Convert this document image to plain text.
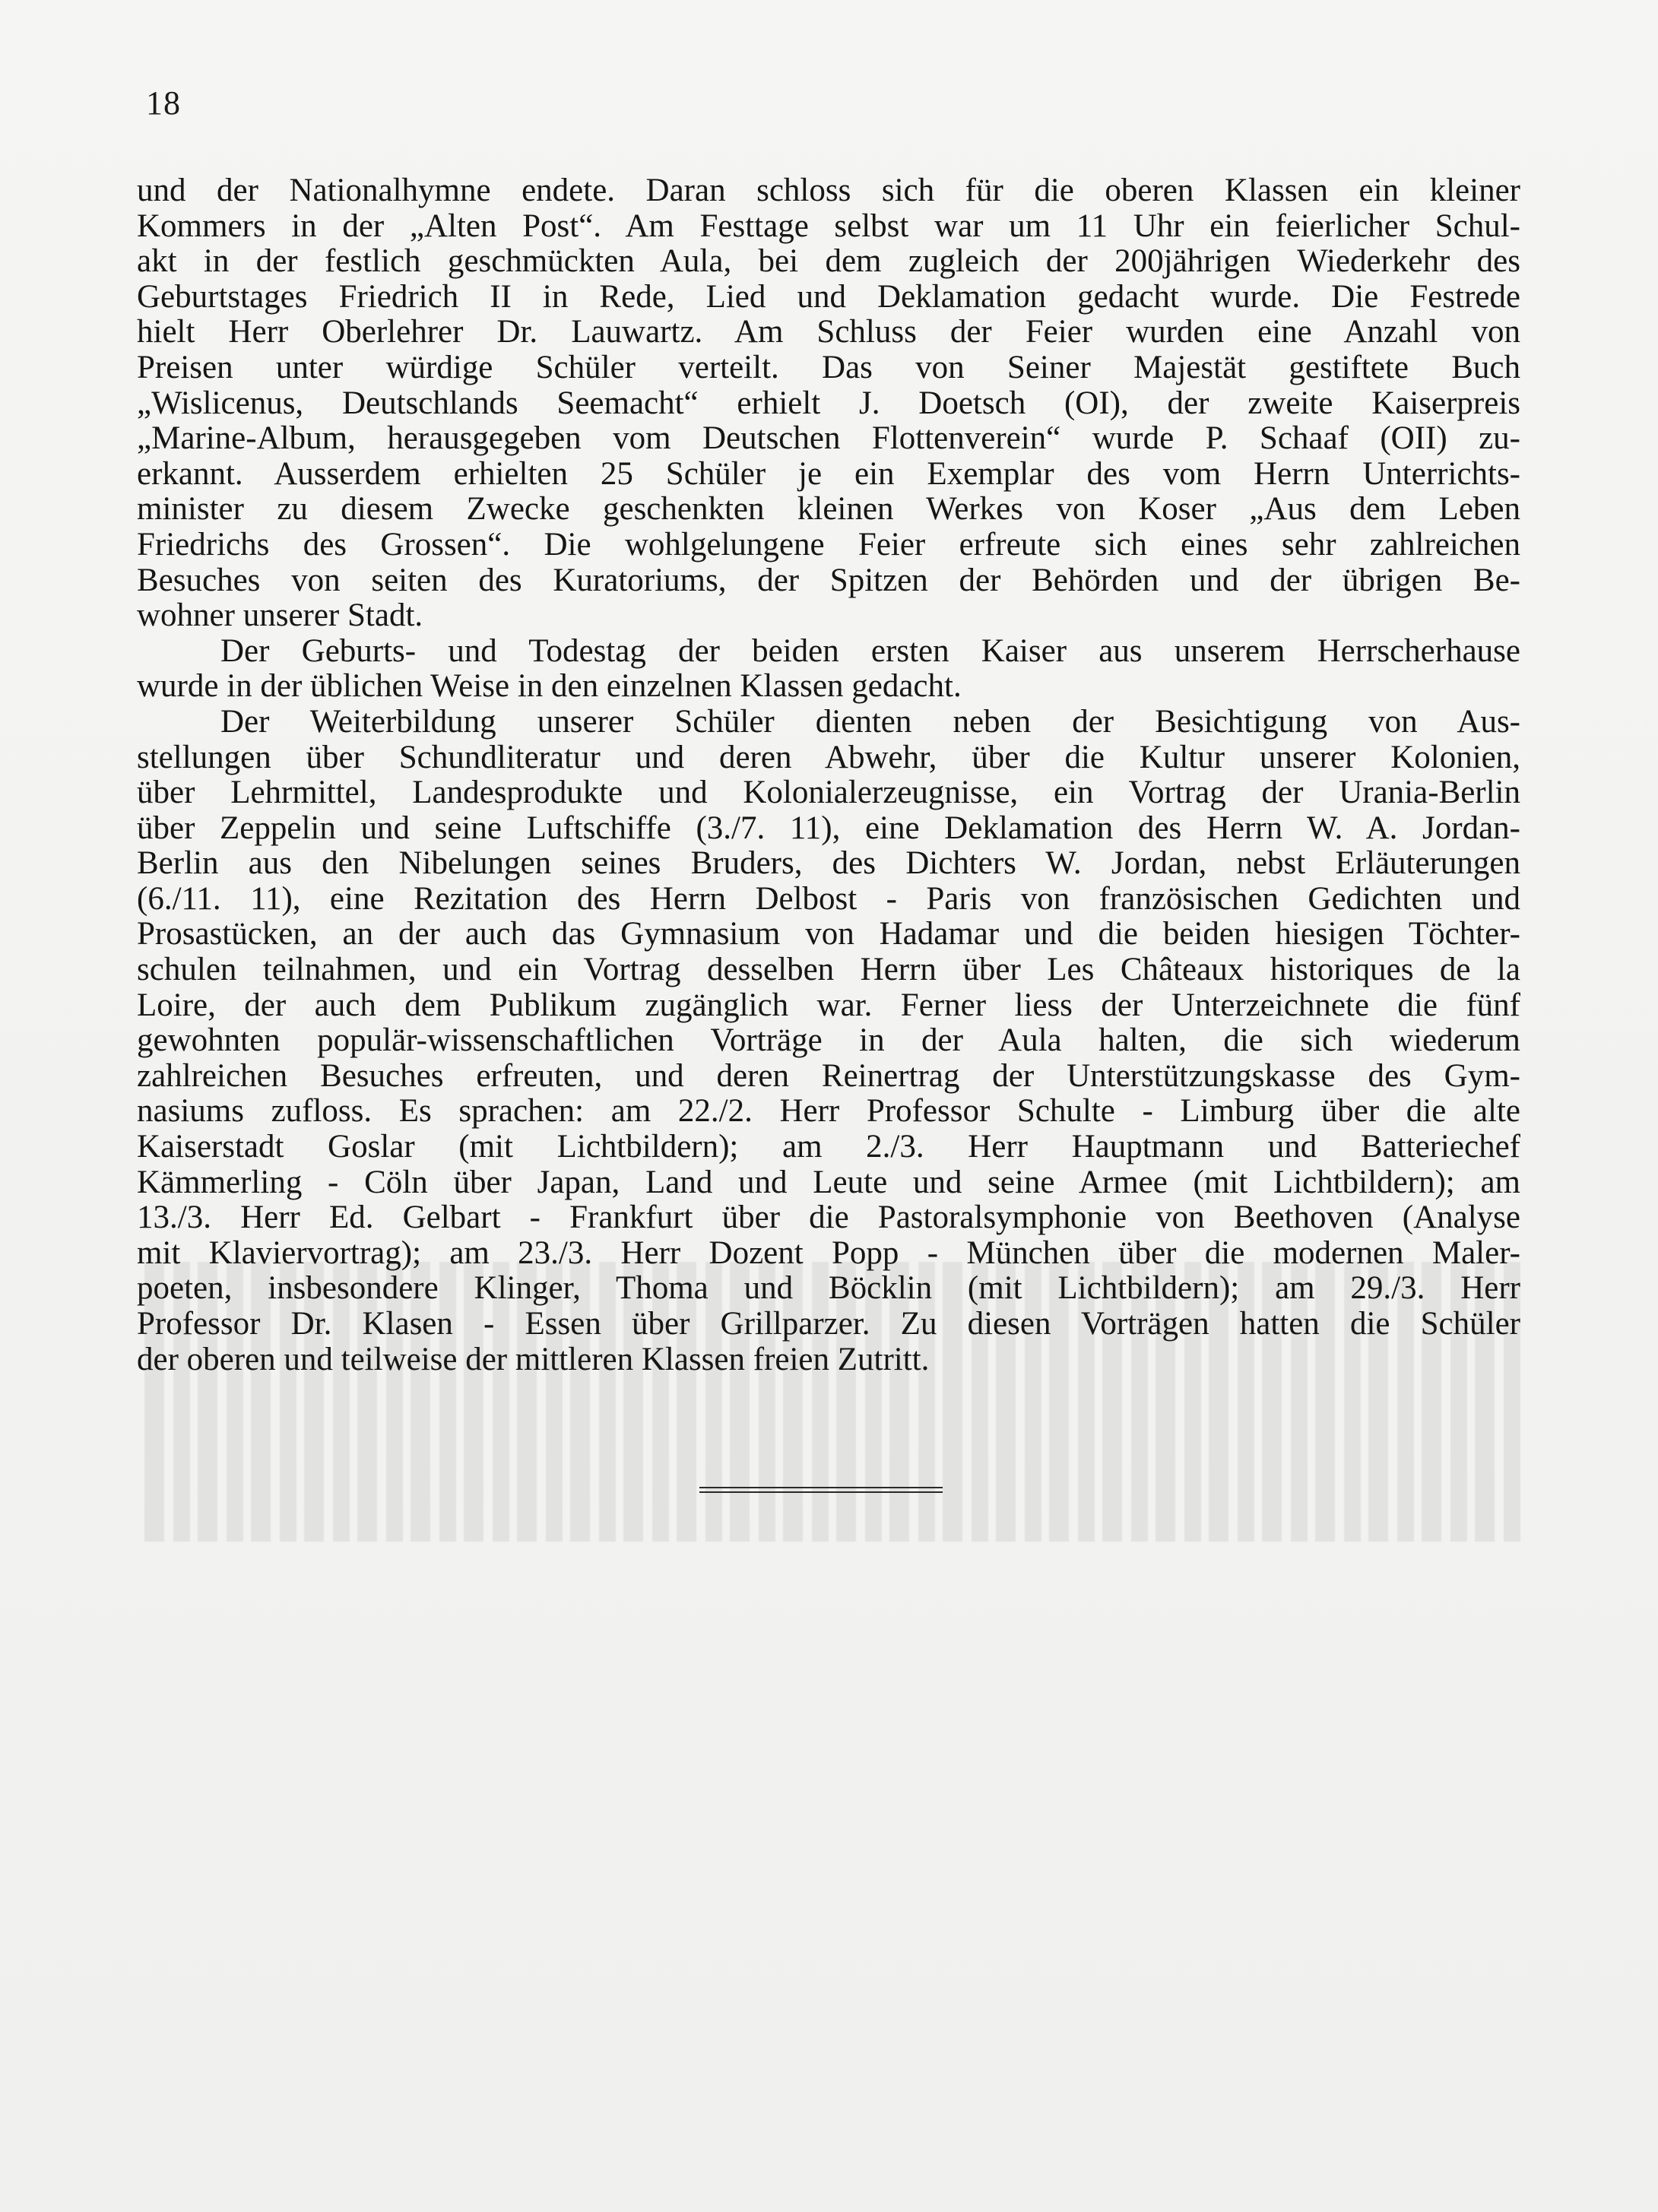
18
und der Nationalhymne endete. Daran schloss sich für die oberen Klassen ein kleiner
Kommers in der „Alten Post“. Am Festtage selbst war um 11 Uhr ein feierlicher Schul-
akt in der festlich geschmückten Aula, bei dem zugleich der 200jährigen Wiederkehr des
Geburtstages Friedrich II in Rede, Lied und Deklamation gedacht wurde. Die Festrede
hielt Herr Oberlehrer Dr. Lauwartz. Am Schluss der Feier wurden eine Anzahl von
Preisen unter würdige Schüler verteilt. Das von Seiner Majestät gestiftete Buch
„Wislicenus, Deutschlands Seemacht“ erhielt J. Doetsch (OI), der zweite Kaiserpreis
„Marine-Album, herausgegeben vom Deutschen Flottenverein“ wurde P. Schaaf (OII) zu-
erkannt. Ausserdem erhielten 25 Schüler je ein Exemplar des vom Herrn Unterrichts-
minister zu diesem Zwecke geschenkten kleinen Werkes von Koser „Aus dem Leben
Friedrichs des Grossen“. Die wohlgelungene Feier erfreute sich eines sehr zahlreichen
Besuches von seiten des Kuratoriums, der Spitzen der Behörden und der übrigen Be-
wohner unserer Stadt.
Der Geburts- und Todestag der beiden ersten Kaiser aus unserem Herrscherhause
wurde in der üblichen Weise in den einzelnen Klassen gedacht.
Der Weiterbildung unserer Schüler dienten neben der Besichtigung von Aus-
stellungen über Schundliteratur und deren Abwehr, über die Kultur unserer Kolonien,
über Lehrmittel, Landesprodukte und Kolonialerzeugnisse, ein Vortrag der Urania-Berlin
über Zeppelin und seine Luftschiffe (3./7. 11), eine Deklamation des Herrn W. A. Jordan-
Berlin aus den Nibelungen seines Bruders, des Dichters W. Jordan, nebst Erläuterungen
(6./11. 11), eine Rezitation des Herrn Delbost - Paris von französischen Gedichten und
Prosastücken, an der auch das Gymnasium von Hadamar und die beiden hiesigen Töchter-
schulen teilnahmen, und ein Vortrag desselben Herrn über Les Châteaux historiques de la
Loire, der auch dem Publikum zugänglich war. Ferner liess der Unterzeichnete die fünf
gewohnten populär-wissenschaftlichen Vorträge in der Aula halten, die sich wiederum
zahlreichen Besuches erfreuten, und deren Reinertrag der Unterstützungskasse des Gym-
nasiums zufloss. Es sprachen: am 22./2. Herr Professor Schulte - Limburg über die alte
Kaiserstadt Goslar (mit Lichtbildern); am 2./3. Herr Hauptmann und Batteriechef
Kämmerling - Cöln über Japan, Land und Leute und seine Armee (mit Lichtbildern); am
13./3. Herr Ed. Gelbart - Frankfurt über die Pastoralsymphonie von Beethoven (Analyse
mit Klaviervortrag); am 23./3. Herr Dozent Popp - München über die modernen Maler-
poeten, insbesondere Klinger, Thoma und Böcklin (mit Lichtbildern); am 29./3. Herr
Professor Dr. Klasen - Essen über Grillparzer. Zu diesen Vorträgen hatten die Schüler
der oberen und teilweise der mittleren Klassen freien Zutritt.
